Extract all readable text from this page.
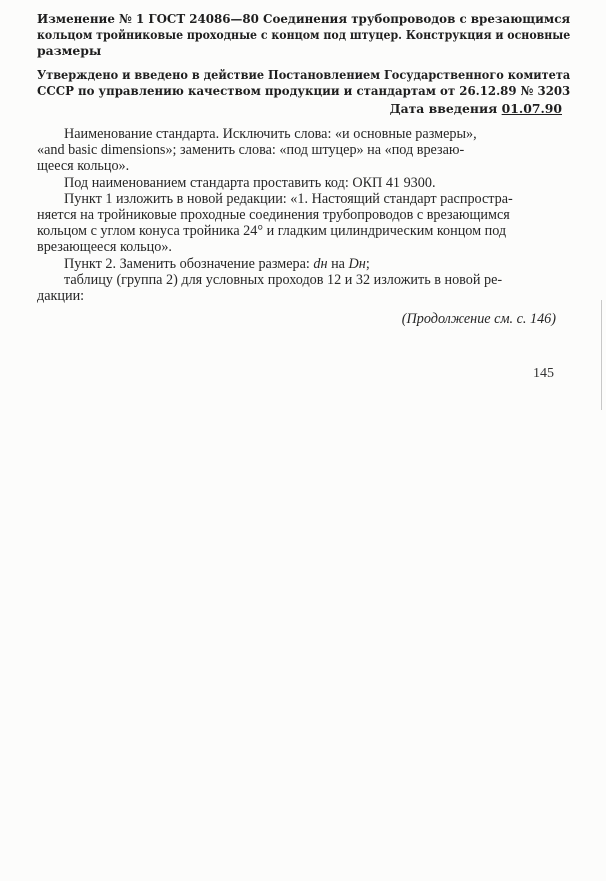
Изменение № 1 ГОСТ 24086—80 Соединения трубопроводов с врезающимся
кольцом тройниковые проходные с концом под штуцер. Конструкция и основные
размеры
Утверждено и введено в действие Постановлением Государственного комитета
СССР по управлению качеством продукции и стандартам от 26.12.89 № 3203
Дата введения 01.07.90
Наименование стандарта. Исключить слова: «и основные размеры»,
«and basic dimensions»; заменить слова: «под штуцер» на «под врезаю-
щееся кольцо».
Под наименованием стандарта проставить код: ОКП 41 9300.
Пункт 1 изложить в новой редакции: «1. Настоящий стандарт распростра-
няется на тройниковые проходные соединения трубопроводов с врезающимся
кольцом с углом конуса тройника 24° и гладким цилиндрическим концом под
врезающееся кольцо».
Пункт 2. Заменить обозначение размера: dн на Dн;
таблицу (группа 2) для условных проходов 12 и 32 изложить в новой ре-
дакции:
(Продолжение см. с. 146)
145
